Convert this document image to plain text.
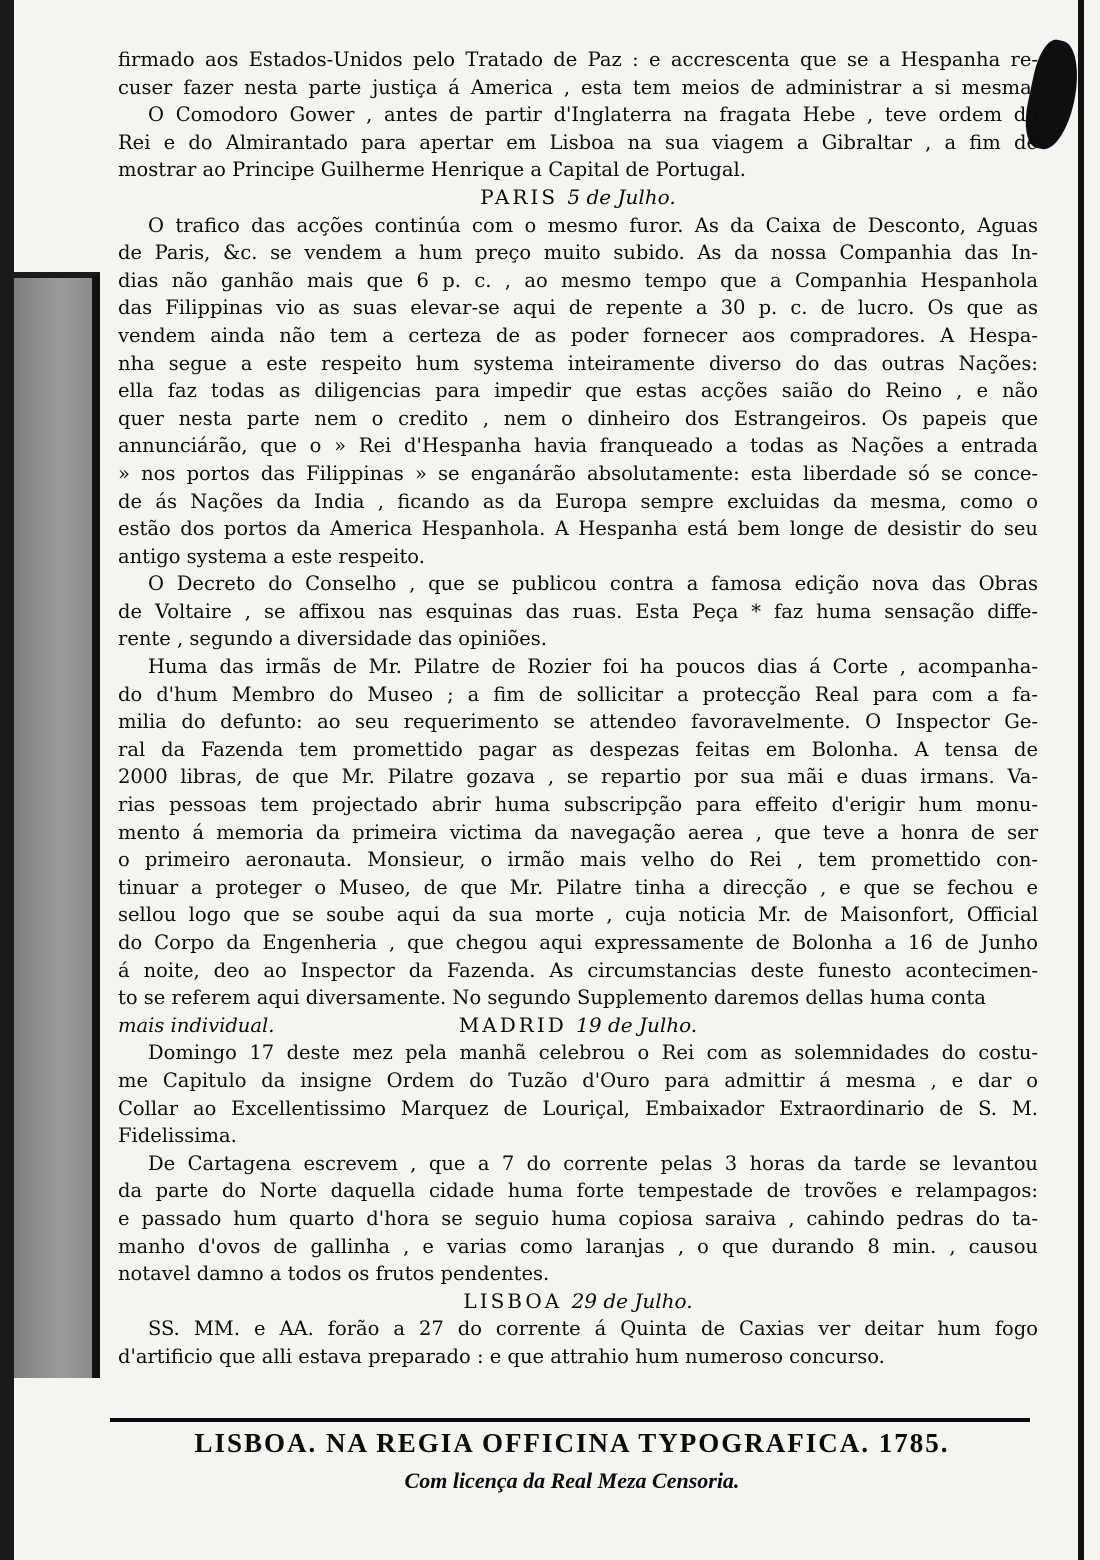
firmado aos Estados-Unidos pelo Tratado de Paz : e accrescenta que se a Hespanha re-
cuser fazer nesta parte justiça á America , esta tem meios de administrar a si mesma.
O Comodoro Gower , antes de partir d'Inglaterra na fragata Hebe , teve ordem do
Rei e do Almirantado para apertar em Lisboa na sua viagem a Gibraltar , a fim de
mostrar ao Principe Guilherme Henrique a Capital de Portugal.
PARIS 5 de Julho.
O trafico das acções continúa com o mesmo furor. As da Caixa de Desconto, Aguas
de Paris, &c. se vendem a hum preço muito subido. As da nossa Companhia das In-
dias não ganhão mais que 6 p. c. , ao mesmo tempo que a Companhia Hespanhola
das Filippinas vio as suas elevar-se aqui de repente a 30 p. c. de lucro. Os que as
vendem ainda não tem a certeza de as poder fornecer aos compradores. A Hespa-
nha segue a este respeito hum systema inteiramente diverso do das outras Nações:
ella faz todas as diligencias para impedir que estas acções saião do Reino , e não
quer nesta parte nem o credito , nem o dinheiro dos Estrangeiros. Os papeis que
annunciárão, que o » Rei d'Hespanha havia franqueado a todas as Nações a entrada
» nos portos das Filippinas » se enganárão absolutamente: esta liberdade só se conce-
de ás Nações da India , ficando as da Europa sempre excluidas da mesma, como o
estão dos portos da America Hespanhola. A Hespanha está bem longe de desistir do seu
antigo systema a este respeito.
O Decreto do Conselho , que se publicou contra a famosa edição nova das Obras
de Voltaire , se affixou nas esquinas das ruas. Esta Peça * faz huma sensação diffe-
rente , segundo a diversidade das opiniões.
Huma das irmãs de Mr. Pilatre de Rozier foi ha poucos dias á Corte , acompanha-
do d'hum Membro do Museo ; a fim de sollicitar a protecção Real para com a fa-
milia do defunto: ao seu requerimento se attendeo favoravelmente. O Inspector Ge-
ral da Fazenda tem promettido pagar as despezas feitas em Bolonha. A tensa de
2000 libras, de que Mr. Pilatre gozava , se repartio por sua mãi e duas irmans. Va-
rias pessoas tem projectado abrir huma subscripção para effeito d'erigir hum monu-
mento á memoria da primeira victima da navegação aerea , que teve a honra de ser
o primeiro aeronauta. Monsieur, o irmão mais velho do Rei , tem promettido con-
tinuar a proteger o Museo, de que Mr. Pilatre tinha a direcção , e que se fechou e
sellou logo que se soube aqui da sua morte , cuja noticia Mr. de Maisonfort, Official
do Corpo da Engenheria , que chegou aqui expressamente de Bolonha a 16 de Junho
á noite, deo ao Inspector da Fazenda. As circumstancias deste funesto acontecimen-
to se referem aqui diversamente. No segundo Supplemento daremos dellas huma conta
mais individual.	MADRID 19 de Julho.
Domingo 17 deste mez pela manhã celebrou o Rei com as solemnidades do costu-
me Capitulo da insigne Ordem do Tuzão d'Ouro para admittir á mesma , e dar o
Collar ao Excellentissimo Marquez de Louriçal, Embaixador Extraordinario de S. M.
Fidelissima.
De Cartagena escrevem , que a 7 do corrente pelas 3 horas da tarde se levantou
da parte do Norte daquella cidade huma forte tempestade de trovões e relampagos:
e passado hum quarto d'hora se seguio huma copiosa saraiva , cahindo pedras do ta-
manho d'ovos de gallinha , e varias como laranjas , o que durando 8 min. , causou
notavel damno a todos os frutos pendentes.
LISBOA 29 de Julho.
SS. MM. e AA. forão a 27 do corrente á Quinta de Caxias ver deitar hum fogo
d'artificio que alli estava preparado : e que attrahio hum numeroso concurso.
LISBOA. NA REGIA OFFICINA TYPOGRAFICA. 1785.
Com licença da Real Meza Censoria.
